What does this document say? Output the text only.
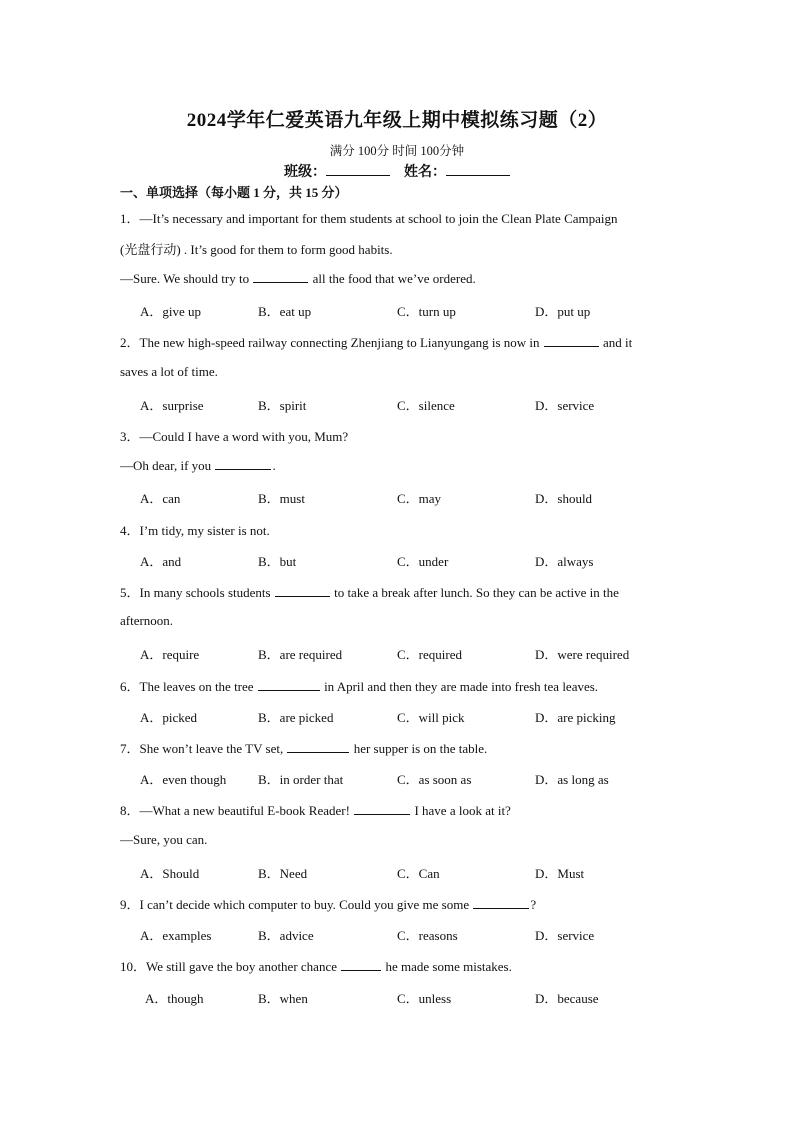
2024学年仁爱英语九年级上期中模拟练习题（2）
满分 100分 时间 100分钟
班级：	姓名：
一、单项选择（每小题 1 分，共 15 分）
1．—It’s necessary and important for them students at school to join the Clean Plate Campaign
(光盘行动) . It’s good for them to form good habits.
—Sure. We should try to	all the food that we’ve ordered.
A．give up	B．eat up	C．turn up	D．put up
2．The new high-speed railway connecting Zhenjiang to Lianyungang is now in	and it
saves a lot of time.
A．surprise	B．spirit	C．silence	D．service
3．—Could I have a word with you, Mum?
—Oh dear, if you	.
A．can	B．must	C．may	D．should
4．I’m tidy, my sister is not.
A．and	B．but	C．under	D．always
5．In many schools students	to take a break after lunch. So they can be active in the
afternoon.
A．require	B．are required	C．required	D．were required
6．The leaves on the tree	in April and then they are made into fresh tea leaves.
A．picked	B．are picked	C．will pick	D．are picking
7．She won’t leave the TV set,	her supper is on the table.
A．even though B．in order that	C．as soon as	D．as long as
8．—What a new beautiful E-book Reader!	I have a look at it?
—Sure, you can.
A．Should	B．Need	C．Can	D．Must
9．I can’t decide which computer to buy. Could you give me some	?
A．examples	B．advice	C．reasons	D．service
10．We still gave the boy another chance	he made some mistakes.
A．though	B．when	C．unless	D．because
